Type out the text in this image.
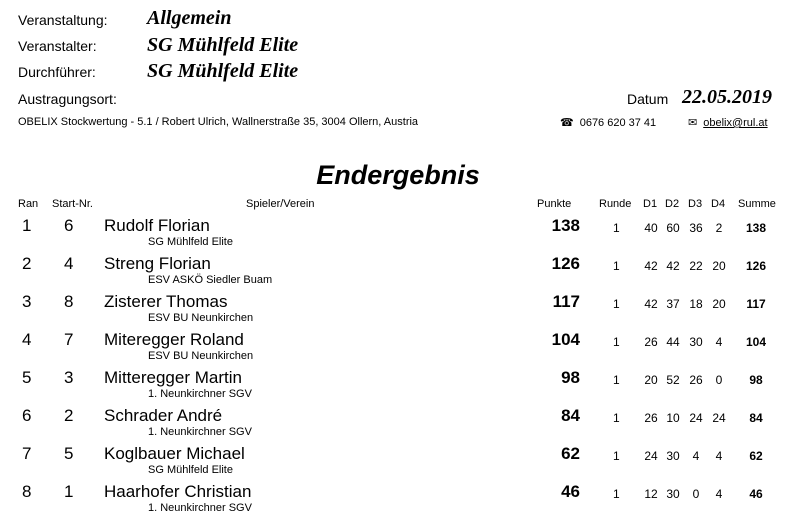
Veranstaltung: Allgemein
Veranstalter:	SG Mühlfeld Elite
Durchführer:	SG Mühlfeld Elite
Austragungsort:	Datum 22.05.2019
OBELIX Stockwertung - 5.1 / Robert Ulrich, Wallnerstraße 35, 3004 Ollern, Austria	☎ 0676 620 37 41	✉ obelix@rul.at
Endergebnis
Ran Start-Nr.	Spieler/Verein	Punkte	Runde D1 D2 D3 D4 Summe
1 6 Rudolf Florian
SG Mühlfeld Elite
138	1 40 60 36	2	138
2 4 Streng Florian
ESV ASKÖ Siedler Buam
126	1 42 42 22 20	126
3 8 Zisterer Thomas
ESV BU Neunkirchen
117	1 42 37 18 20	117
4 7 Miteregger Roland
ESV BU Neunkirchen
104	1 26 44 30	4	104
5 3 Mitteregger Martin
1. Neunkirchner SGV
98	1 20 52 26	0	98
6 2 Schrader André
1. Neunkirchner SGV
84	1 26 10 24 24	84
7 5 Koglbauer Michael
SG Mühlfeld Elite
62	1 24 30	4	4	62
8 1 Haarhofer Christian
1. Neunkirchner SGV
46	1 12 30	0	4	46
